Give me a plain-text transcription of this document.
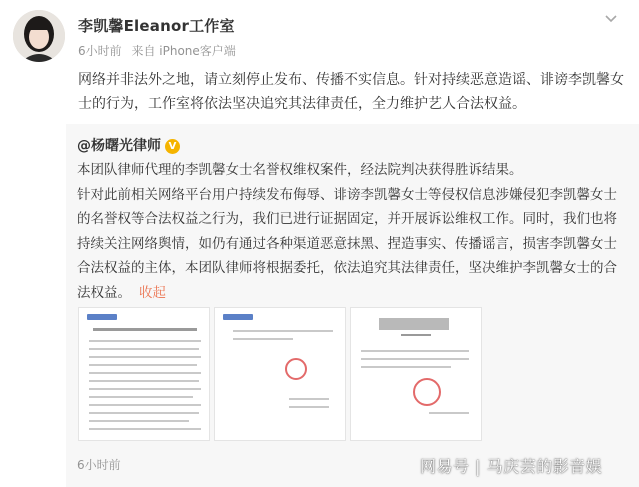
李凯馨Eleanor工作室
6小时前 来自 iPhone客户端
网络并非法外之地，请立刻停止发布、传播不实信息。针对持续恶意造谣、诽谤李凯馨女士的行为，工作室将依法坚决追究其法律责任，全力维护艺人合法权益。
@杨曙光律师 V
本团队律师代理的李凯馨女士名誉权维权案件，经法院判决获得胜诉结果。
针对此前相关网络平台用户持续发布侮辱、诽谤李凯馨女士等侵权信息涉嫌侵犯李凯馨女士的名誉权等合法权益之行为，我们已进行证据固定，并开展诉讼维权工作。同时，我们也将持续关注网络舆情，如仍有通过各种渠道恶意抹黑、捏造事实、传播谣言，损害李凯馨女士合法权益的主体，本团队律师将根据委托，依法追究其法律责任，坚决维护李凯馨女士的合法权益。 收起
6小时前	网易号 | 马庆芸的影音娱
